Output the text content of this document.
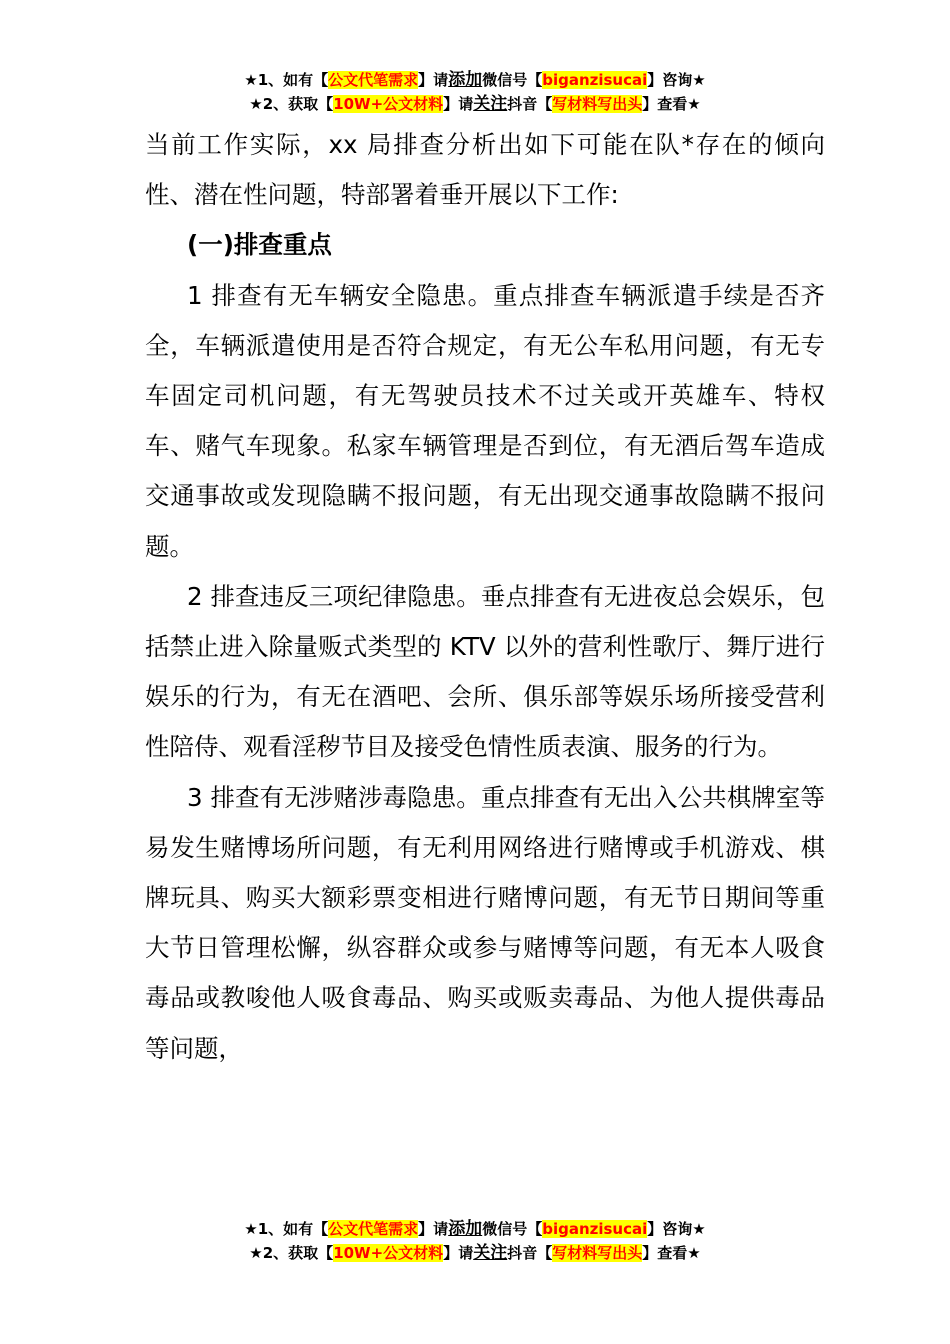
★1、如有【公文代笔需求】请添加微信号【biganzisucai】咨询★
★2、获取【10W+公文材料】请关注抖音【写材料写出头】查看★

当前工作实际，xx 局排查分析出如下可能在队*存在的倾向性、潜在性问题，特部署着垂开展以下工作:

(一)排查重点

1 排查有无车辆安全隐患。重点排查车辆派遣手续是否齐全，车辆派遣使用是否符合规定，有无公车私用问题，有无专车固定司机问题，有无驾驶员技术不过关或开英雄车、特权车、赌气车现象。私家车辆管理是否到位，有无酒后驾车造成交通事故或发现隐瞒不报问题，有无出现交通事故隐瞒不报问题。

2 排查违反三项纪律隐患。垂点排查有无进夜总会娱乐，包括禁止进入除量贩式类型的 KTV 以外的营利性歌厅、舞厅进行娱乐的行为，有无在酒吧、会所、俱乐部等娱乐场所接受营利性陪侍、观看淫秽节目及接受色情性质表演、服务的行为。

3 排查有无涉赌涉毒隐患。重点排查有无出入公共棋牌室等易发生赌博场所问题，有无利用网络进行赌博或手机游戏、棋牌玩具、购买大额彩票变相进行赌博问题，有无节日期间等重大节日管理松懈，纵容群众或参与赌博等问题，有无本人吸食毒品或教唆他人吸食毒品、购买或贩卖毒品、为他人提供毒品等问题，

★1、如有【公文代笔需求】请添加微信号【biganzisucai】咨询★
★2、获取【10W+公文材料】请关注抖音【写材料写出头】查看★
